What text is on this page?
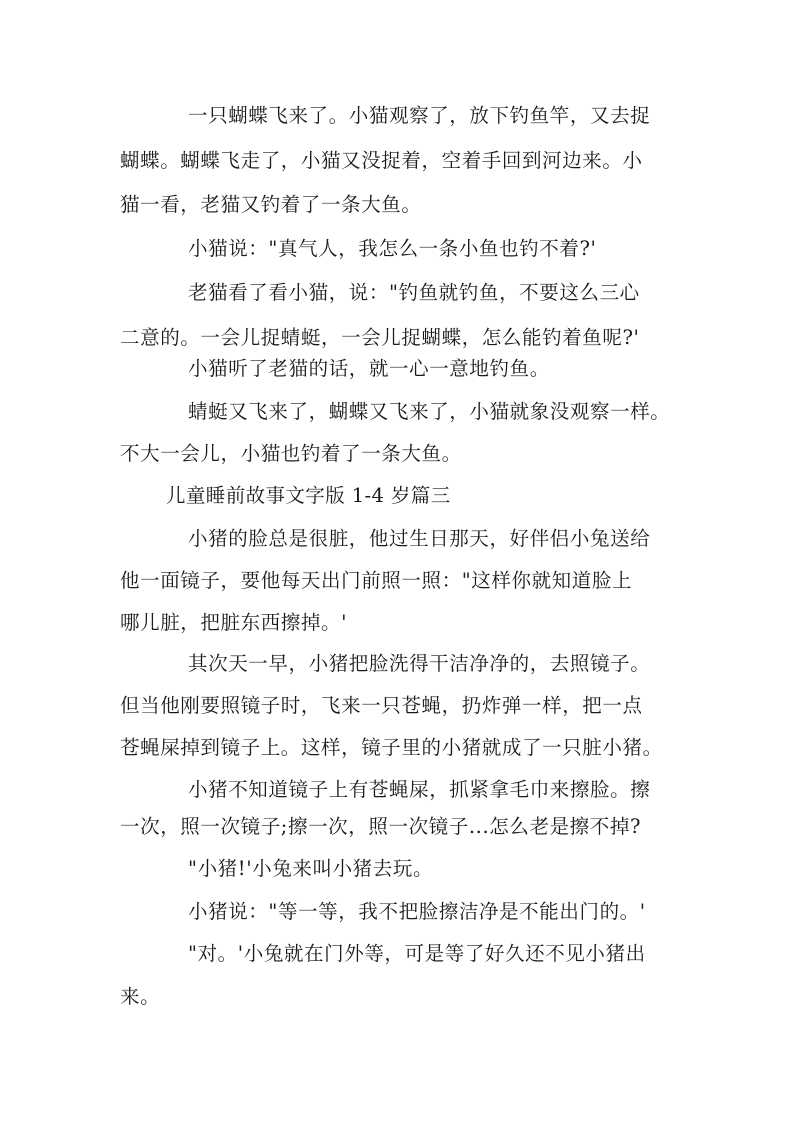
一只蝴蝶飞来了。小猫观察了，放下钓鱼竿，又去捉
蝴蝶。蝴蝶飞走了，小猫又没捉着，空着手回到河边来。小
猫一看，老猫又钓着了一条大鱼。
小猫说："真气人，我怎么一条小鱼也钓不着?'
老猫看了看小猫，说："钓鱼就钓鱼，不要这么三心
二意的。一会儿捉蜻蜓，一会儿捉蝴蝶，怎么能钓着鱼呢?'
小猫听了老猫的话，就一心一意地钓鱼。
蜻蜓又飞来了，蝴蝶又飞来了，小猫就象没观察一样。
不大一会儿，小猫也钓着了一条大鱼。
儿童睡前故事文字版 1-4 岁篇三
小猪的脸总是很脏，他过生日那天，好伴侣小兔送给
他一面镜子，要他每天出门前照一照："这样你就知道脸上
哪儿脏，把脏东西擦掉。'
其次天一早，小猪把脸洗得干洁净净的，去照镜子。
但当他刚要照镜子时，飞来一只苍蝇，扔炸弹一样，把一点
苍蝇屎掉到镜子上。这样，镜子里的小猪就成了一只脏小猪。
小猪不知道镜子上有苍蝇屎，抓紧拿毛巾来擦脸。擦
一次，照一次镜子;擦一次，照一次镜子...怎么老是擦不掉?
"小猪!'小兔来叫小猪去玩。
小猪说："等一等，我不把脸擦洁净是不能出门的。'
"对。'小兔就在门外等，可是等了好久还不见小猪出
来。
